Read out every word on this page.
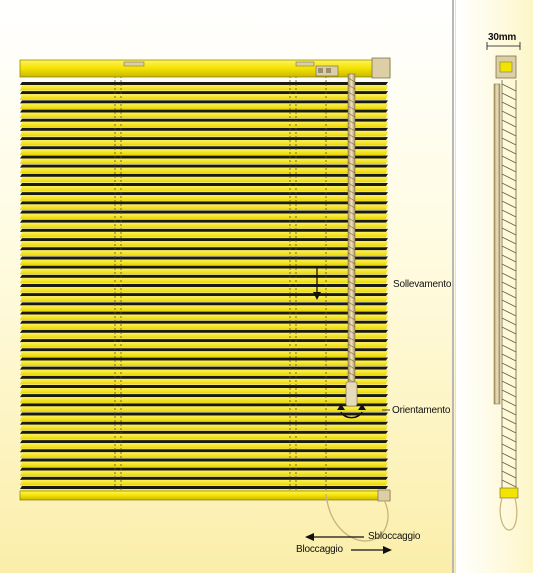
Sollevamento
Orientamento
Sbloccaggio
Bloccaggio
30mm
